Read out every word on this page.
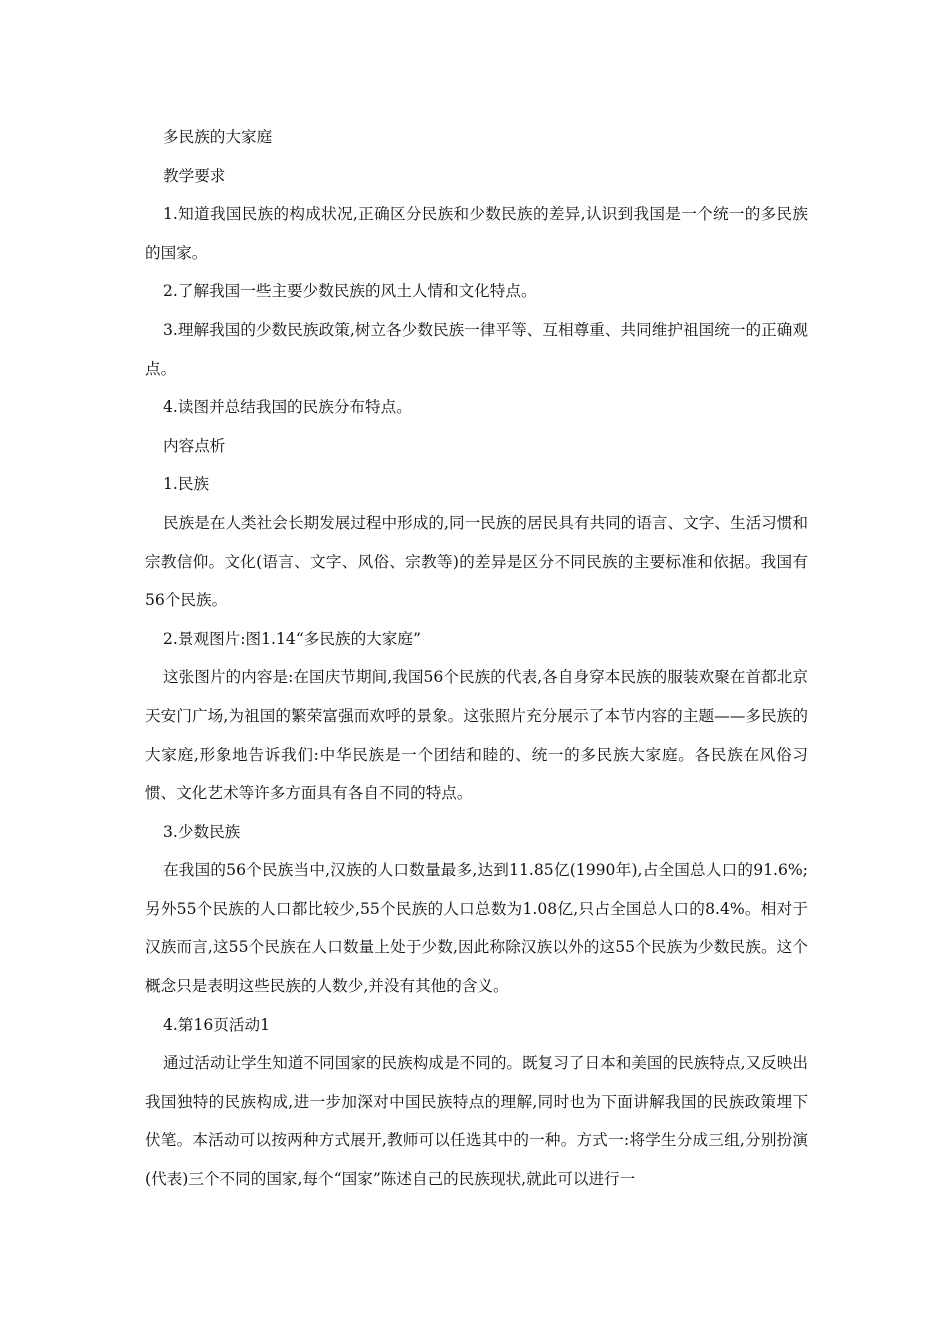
多民族的大家庭

教学要求

1.知道我国民族的构成状况,正确区分民族和少数民族的差异,认识到我国是一个统一的多民族的国家。

2.了解我国一些主要少数民族的风土人情和文化特点。

3.理解我国的少数民族政策,树立各少数民族一律平等、互相尊重、共同维护祖国统一的正确观点。

4.读图并总结我国的民族分布特点。

内容点析

1.民族

民族是在人类社会长期发展过程中形成的,同一民族的居民具有共同的语言、文字、生活习惯和宗教信仰。文化(语言、文字、风俗、宗教等)的差异是区分不同民族的主要标准和依据。我国有56个民族。

2.景观图片:图1.14“多民族的大家庭”

这张图片的内容是:在国庆节期间,我国56个民族的代表,各自身穿本民族的服装欢聚在首都北京天安门广场,为祖国的繁荣富强而欢呼的景象。这张照片充分展示了本节内容的主题——多民族的大家庭,形象地告诉我们:中华民族是一个团结和睦的、统一的多民族大家庭。各民族在风俗习惯、文化艺术等许多方面具有各自不同的特点。

3.少数民族

在我国的56个民族当中,汉族的人口数量最多,达到11.85亿(1990年),占全国总人口的91.6%;另外55个民族的人口都比较少,55个民族的人口总数为1.08亿,只占全国总人口的8.4%。相对于汉族而言,这55个民族在人口数量上处于少数,因此称除汉族以外的这55个民族为少数民族。这个概念只是表明这些民族的人数少,并没有其他的含义。

4.第16页活动1

通过活动让学生知道不同国家的民族构成是不同的。既复习了日本和美国的民族特点,又反映出我国独特的民族构成,进一步加深对中国民族特点的理解,同时也为下面讲解我国的民族政策埋下伏笔。本活动可以按两种方式展开,教师可以任选其中的一种。方式一:将学生分成三组,分别扮演(代表)三个不同的国家,每个“国家”陈述自己的民族现状,就此可以进行一
